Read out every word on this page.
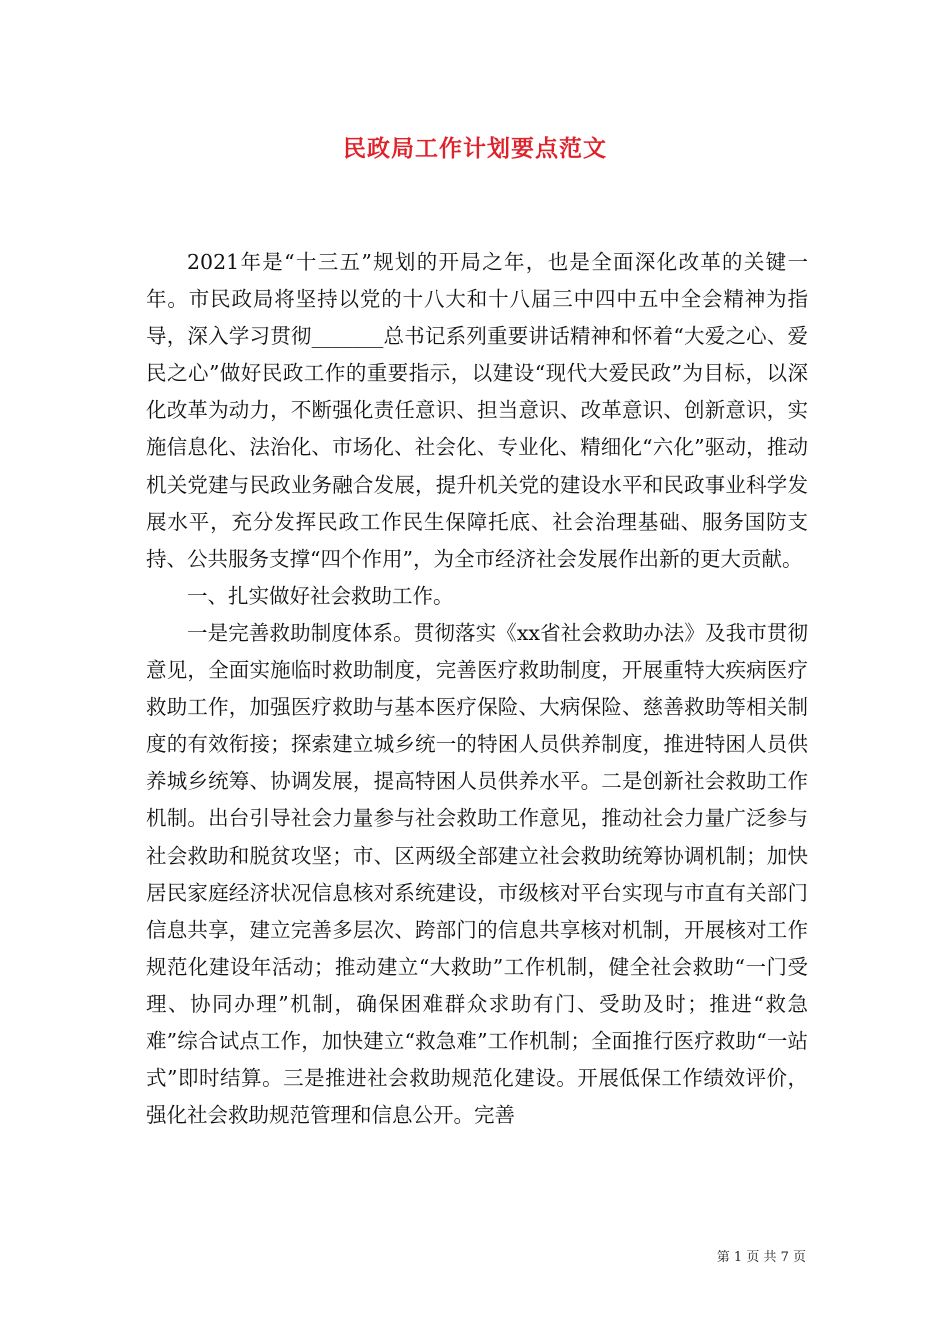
民政局工作计划要点范文

2021年是“十三五”规划的开局之年，也是全面深化改革的关键一年。市民政局将坚持以党的十八大和十八届三中四中五中全会精神为指导，深入学习贯彻_______总书记系列重要讲话精神和怀着“大爱之心、爱民之心”做好民政工作的重要指示，以建设“现代大爱民政”为目标，以深化改革为动力，不断强化责任意识、担当意识、改革意识、创新意识，实施信息化、法治化、市场化、社会化、专业化、精细化“六化”驱动，推动机关党建与民政业务融合发展，提升机关党的建设水平和民政事业科学发展水平，充分发挥民政工作民生保障托底、社会治理基础、服务国防支持、公共服务支撑“四个作用”，为全市经济社会发展作出新的更大贡献。

一、扎实做好社会救助工作。

一是完善救助制度体系。贯彻落实《xx省社会救助办法》及我市贯彻意见，全面实施临时救助制度，完善医疗救助制度，开展重特大疾病医疗救助工作，加强医疗救助与基本医疗保险、大病保险、慈善救助等相关制度的有效衔接；探索建立城乡统一的特困人员供养制度，推进特困人员供养城乡统筹、协调发展，提高特困人员供养水平。二是创新社会救助工作机制。出台引导社会力量参与社会救助工作意见，推动社会力量广泛参与社会救助和脱贫攻坚；市、区两级全部建立社会救助统筹协调机制；加快居民家庭经济状况信息核对系统建设，市级核对平台实现与市直有关部门信息共享，建立完善多层次、跨部门的信息共享核对机制，开展核对工作规范化建设年活动；推动建立“大救助”工作机制，健全社会救助“一门受理、协同办理”机制，确保困难群众求助有门、受助及时；推进“救急难”综合试点工作，加快建立“救急难”工作机制；全面推行医疗救助“一站式”即时结算。三是推进社会救助规范化建设。开展低保工作绩效评价，强化社会救助规范管理和信息公开。完善

第 1 页 共 7 页
